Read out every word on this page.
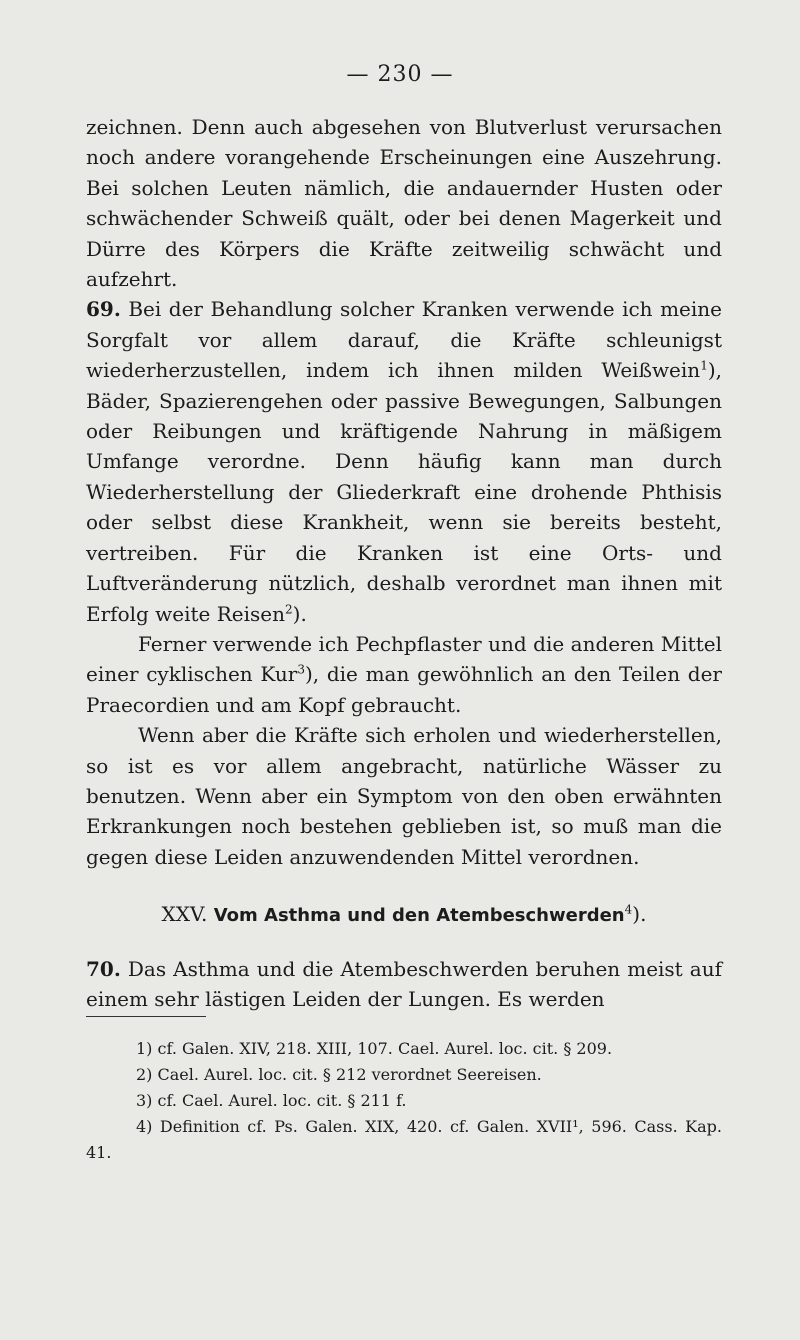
— 230 —

zeichnen. Denn auch abgesehen von Blutverlust verursachen noch andere vorangehende Erscheinungen eine Auszehrung. Bei solchen Leuten nämlich, die andauernder Husten oder schwächender Schweiß quält, oder bei denen Magerkeit und Dürre des Körpers die Kräfte zeitweilig schwächt und aufzehrt.

69. Bei der Behandlung solcher Kranken verwende ich meine Sorgfalt vor allem darauf, die Kräfte schleunigst wiederherzustellen, indem ich ihnen milden Weißwein$^1$), Bäder, Spazierengehen oder passive Bewegungen, Salbungen oder Reibungen und kräftigende Nahrung in mäßigem Umfange verordne. Denn häufig kann man durch Wiederherstellung der Gliederkraft eine drohende Phthisis oder selbst diese Krankheit, wenn sie bereits besteht, vertreiben. Für die Kranken ist eine Orts- und Luftveränderung nützlich, deshalb verordnet man ihnen mit Erfolg weite Reisen$^2$).

Ferner verwende ich Pechpflaster und die anderen Mittel einer cyklischen Kur$^3$), die man gewöhnlich an den Teilen der Praecordien und am Kopf gebraucht.

Wenn aber die Kräfte sich erholen und wiederherstellen, so ist es vor allem angebracht, natürliche Wässer zu benutzen. Wenn aber ein Symptom von den oben erwähnten Erkrankungen noch bestehen geblieben ist, so muß man die gegen diese Leiden anzuwendenden Mittel verordnen.

XXV. Vom Asthma und den Atembeschwerden$^4$).

70. Das Asthma und die Atembeschwerden beruhen meist auf einem sehr lästigen Leiden der Lungen. Es werden

1) cf. Galen. XIV, 218. XIII, 107. Cael. Aurel. loc. cit. § 209.

2) Cael. Aurel. loc. cit. § 212 verordnet Seereisen.

3) cf. Cael. Aurel. loc. cit. § 211 f.

4) Definition cf. Ps. Galen. XIX, 420. cf. Galen. XVII¹, 596. Cass. Kap. 41.
